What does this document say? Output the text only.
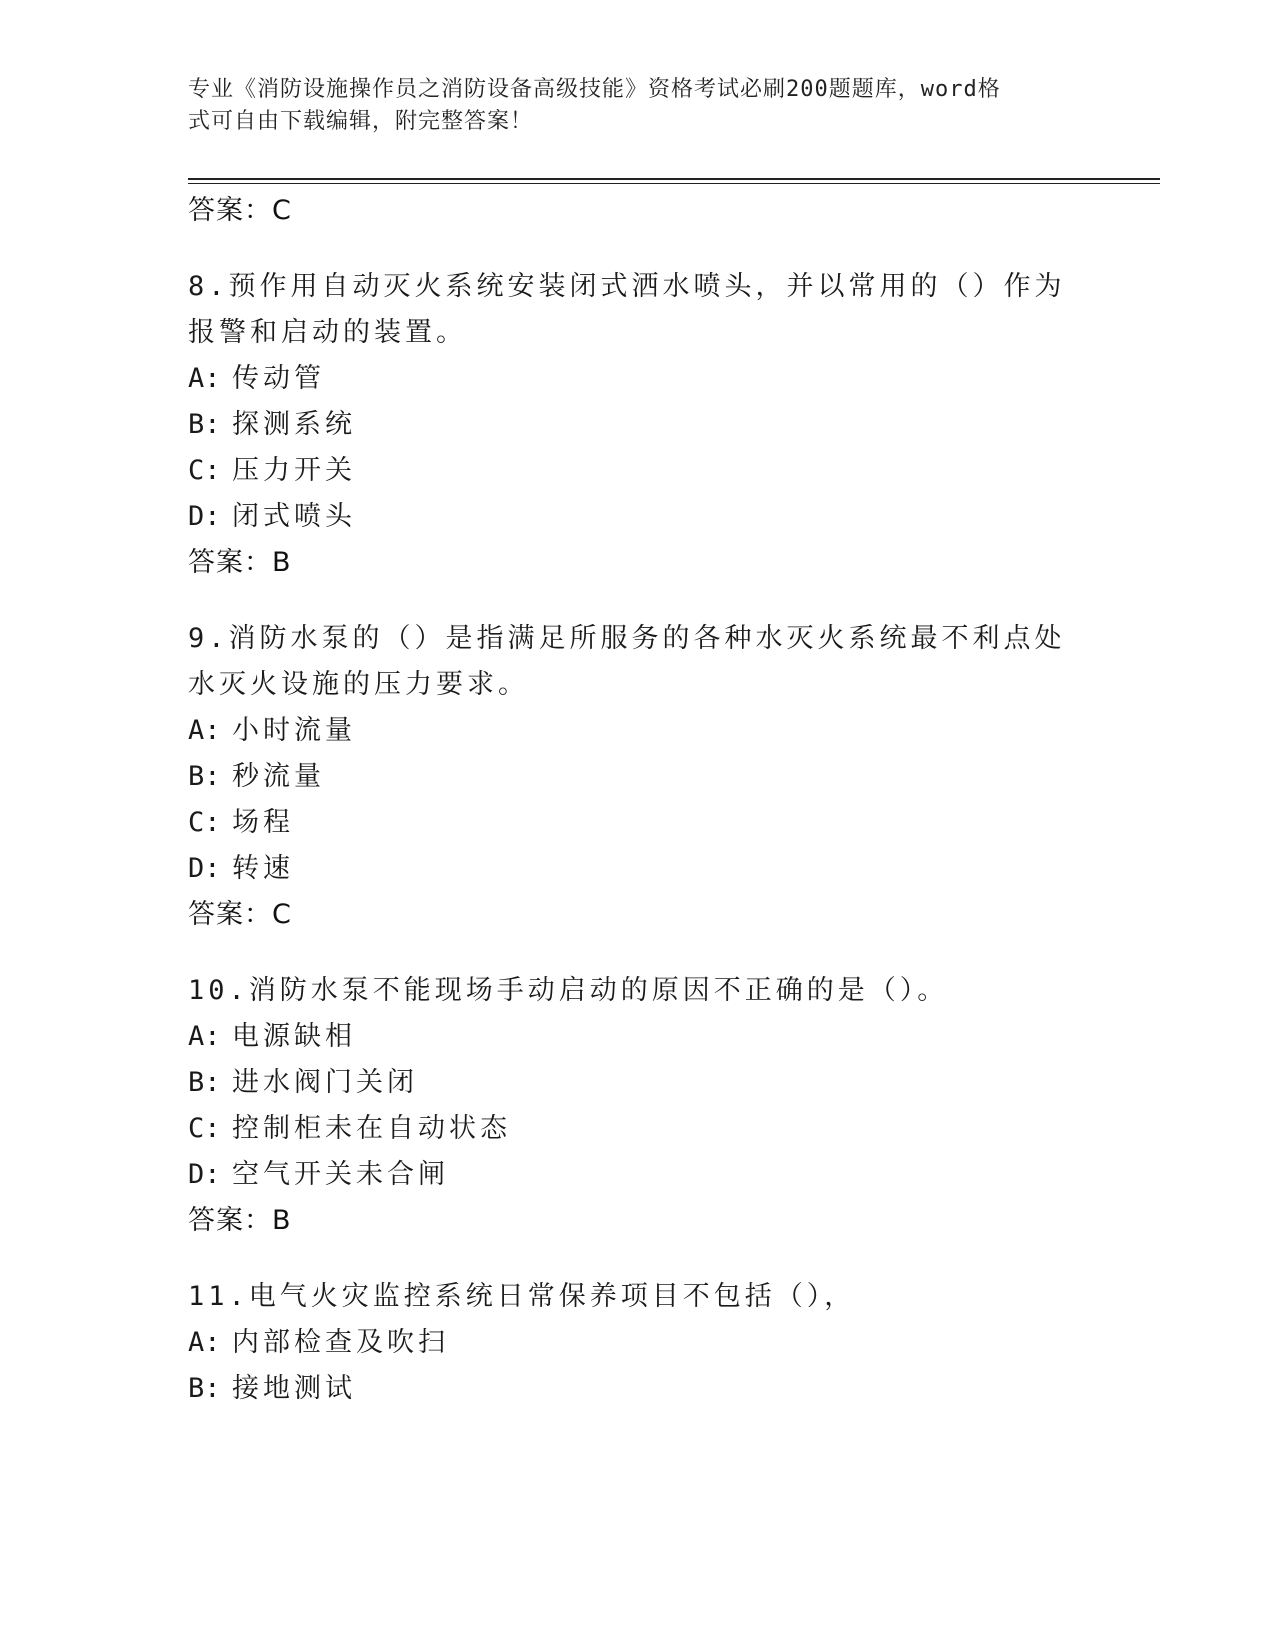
专业《消防设施操作员之消防设备高级技能》资格考试必刷200题题库，word格
式可自由下载编辑，附完整答案！
答案：C
8.预作用自动灭火系统安装闭式洒水喷头，并以常用的（）作为报警和启动的装置。
A: 传动管
B: 探测系统
C: 压力开关
D: 闭式喷头
答案：B
9.消防水泵的（）是指满足所服务的各种水灭火系统最不利点处水灭火设施的压力要求。
A: 小时流量
B: 秒流量
C: 场程
D: 转速
答案：C
10.消防水泵不能现场手动启动的原因不正确的是（）。
A: 电源缺相
B: 进水阀门关闭
C: 控制柜未在自动状态
D: 空气开关未合闸
答案：B
11.电气火灾监控系统日常保养项目不包括（），
A: 内部检查及吹扫
B: 接地测试
